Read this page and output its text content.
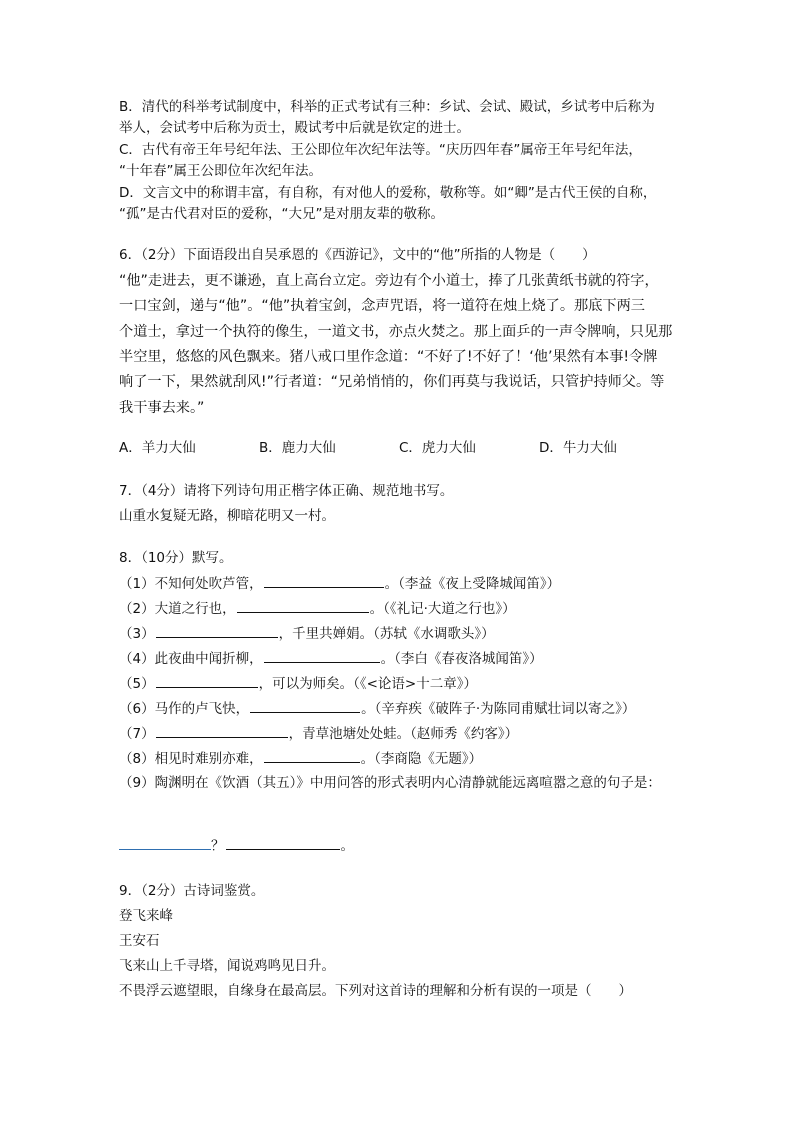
B．清代的科举考试制度中，科举的正式考试有三种：乡试、会试、殿试，乡试考中后称为
举人，会试考中后称为贡士，殿试考中后就是钦定的进士。
C．古代有帝王年号纪年法、王公即位年次纪年法等。“庆历四年春”属帝王年号纪年法，
“十年春”属王公即位年次纪年法。
D．文言文中的称谓丰富，有自称，有对他人的爱称，敬称等。如“卿”是古代王侯的自称，
“孤”是古代君对臣的爱称，“大兄”是对朋友辈的敬称。
6．（2分）下面语段出自吴承恩的《西游记》，文中的“他”所指的人物是（　　）
“他”走进去，更不谦逊，直上高台立定。旁边有个小道士，捧了几张黄纸书就的符字，
一口宝剑，递与“他”。“他”执着宝剑，念声咒语，将一道符在烛上烧了。那底下两三
个道士，拿过一个执符的像生，一道文书，亦点火焚之。那上面乒的一声令牌响，只见那
半空里，悠悠的风色飘来。猪八戒口里作念道：“不好了!不好了！‘他’果然有本事!令牌
响了一下，果然就刮风!”行者道：“兄弟悄悄的，你们再莫与我说话，只管护持师父。等
我干事去来。”
A．羊力大仙	B．鹿力大仙	C．虎力大仙	D．牛力大仙
7．（4分）请将下列诗句用正楷字体正确、规范地书写。
山重水复疑无路，柳暗花明又一村。
8．（10分）默写。
（1）不知何处吹芦管，	。（李益《夜上受降城闻笛》）
（2）大道之行也，	。（《礼记·大道之行也》）
（3）	，千里共婵娟。（苏轼《水调歌头》）
（4）此夜曲中闻折柳，	。（李白《春夜洛城闻笛》）
（5）	，可以为师矣。（《<论语>十二章》）
（6）马作的卢飞快，	。（辛弃疾《破阵子·为陈同甫赋壮词以寄之》）
（7）	，青草池塘处处蛙。（赵师秀《约客》）
（8）相见时难别亦难，	。（李商隐《无题》）
（9）陶渊明在《饮酒（其五）》中用问答的形式表明内心清静就能远离喧嚣之意的句子是：
？	。
9．（2分）古诗词鉴赏。
登飞来峰
王安石
飞来山上千寻塔，闻说鸡鸣见日升。
不畏浮云遮望眼，自缘身在最高层。下列对这首诗的理解和分析有误的一项是（　　）
